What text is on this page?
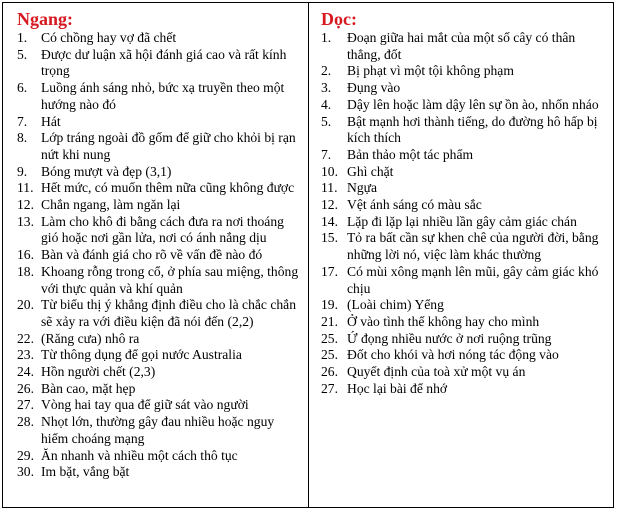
Ngang:
1.	Có chồng hay vợ đã chết
5.	Được dư luận xã hội đánh giá cao và rất kính trọng
6.	Luồng ánh sáng nhỏ, bức xạ truyền theo một hướng nào đó
7.	Hát
8.	Lớp tráng ngoài đồ gốm để giữ cho khỏi bị rạn nứt khi nung
9.	Bóng mượt và đẹp (3,1)
11. Hết mức, có muốn thêm nữa cũng không được
12. Chắn ngang, làm ngăn lại
13. Làm cho khô đi bằng cách đưa ra nơi thoáng gió hoặc nơi gần lửa, nơi có ánh nắng dịu
16. Bàn và đánh giá cho rõ về vấn đề nào đó
18. Khoang rỗng trong cổ, ở phía sau miệng, thông với thực quản và khí quản
20. Từ biểu thị ý khẳng định điều cho là chắc chắn sẽ xảy ra với điều kiện đã nói đến (2,2)
22. (Răng cưa) nhô ra
23. Từ thông dụng để gọi nước Australia
24. Hồn người chết (2,3)
26. Bàn cao, mặt hẹp
27. Vòng hai tay qua để giữ sát vào người
28. Nhọt lớn, thường gây đau nhiều hoặc nguy hiểm choáng mạng
29. Ăn nhanh và nhiều một cách thô tục
30. Im bặt, vắng bặt
Dọc:
1.	Đoạn giữa hai mắt của một số cây có thân thẳng, đốt
2.	Bị phạt vì một tội không phạm
3.	Đụng vào
4.	Dậy lên hoặc làm dậy lên sự ồn ào, nhốn nháo
5.	Bật mạnh hơi thành tiếng, do đường hô hấp bị kích thích
7.	Bản thảo một tác phẩm
10. Ghì chặt
11. Ngựa
12. Vệt ánh sáng có màu sắc
14. Lặp đi lặp lại nhiều lần gây cảm giác chán
15. Tỏ ra bất cần sự khen chê của người đời, bằng những lời nó, việc làm khác thường
17. Có mùi xông mạnh lên mũi, gây cảm giác khó chịu
19. (Loài chim) Yểng
21. Ở vào tình thế không hay cho mình
25. Ứ đọng nhiều nước ở nơi ruộng trũng
25. Đốt cho khói và hơi nóng tác động vào
26. Quyết định của toà xử một vụ án
27. Học lại bài để nhớ
